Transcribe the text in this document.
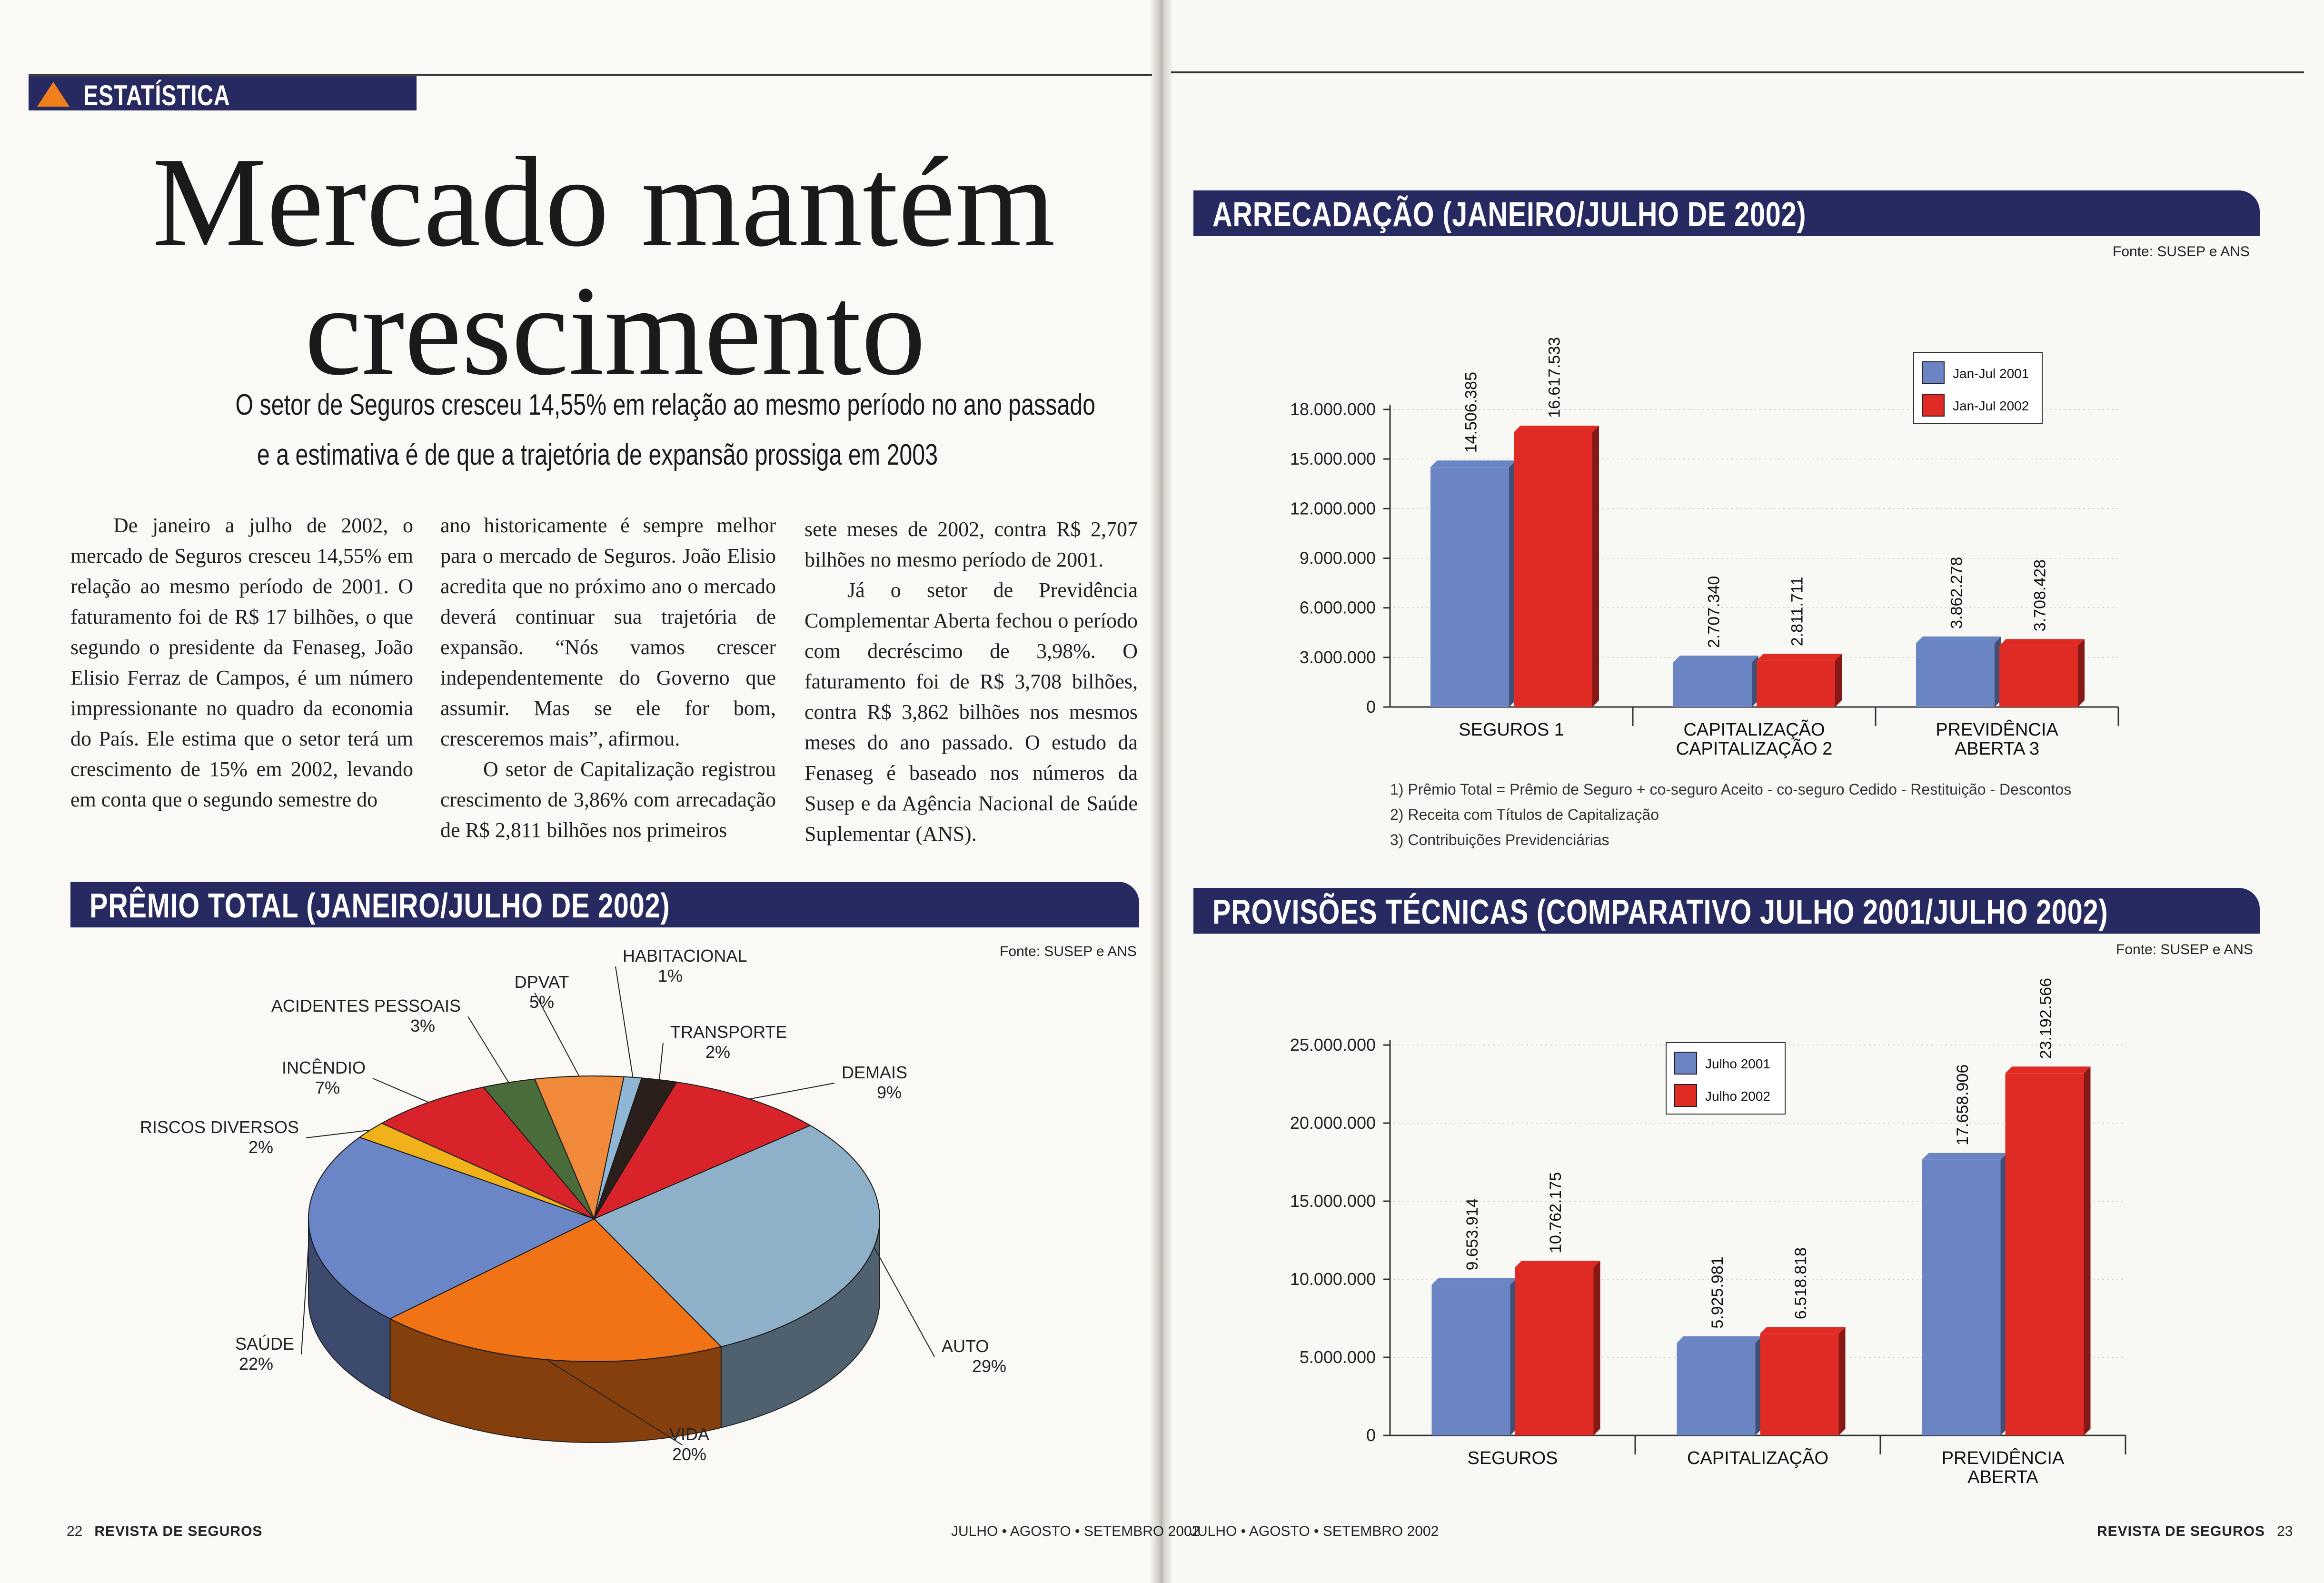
ESTATÍSTICA
Mercado mantém
crescimento
O setor de Seguros cresceu 14,55% em relação ao mesmo período no ano passado
e a estimativa é de que a trajetória de expansão prossiga em 2003

De janeiro a julho de 2002, o mercado de Seguros cresceu 14,55% em relação ao mesmo período de 2001. O faturamento foi de R$ 17 bilhões, o que segundo o presidente da Fenaseg, João Elisio Ferraz de Campos, é um número impressionante no quadro da economia do País. Ele estima que o setor terá um crescimento de 15% em 2002, levando em conta que o segundo semestre do

ano historicamente é sempre melhor para o mercado de Seguros. João Elisio acredita que no próximo ano o mercado deverá continuar sua trajetória de expansão. “Nós vamos crescer independentemente do Governo que assumir. Mas se ele for bom, cresceremos mais”, afirmou.

O setor de Capitalização registrou crescimento de 3,86% com arrecadação de R$ 2,811 bilhões nos primeiros

sete meses de 2002, contra R$ 2,707 bilhões no mesmo período de 2001.

Já o setor de Previdência Complementar Aberta fechou o período com decréscimo de 3,98%. O faturamento foi de R$ 3,708 bilhões, contra R$ 3,862 bilhões nos mesmos meses do ano passado. O estudo da Fenaseg é baseado nos números da Susep e da Agência Nacional de Saúde Suplementar (ANS).

PRÊMIO TOTAL (JANEIRO/JULHO DE 2002)
Fonte: SUSEP e ANS
HABITACIONAL
1%
TRANSPORTE
2%
DEMAIS
9%
AUTO
29%
VIDA
20%
SAÚDE
22%
RISCOS DIVERSOS
2%
INCÊNDIO
7%
ACIDENTES PESSOAIS
3%
DPVAT
5%
ARRECADAÇÃO (JANEIRO/JULHO DE 2002)
Fonte: SUSEP e ANS
0
3.000.000
6.000.000
9.000.000
12.000.000
15.000.000
18.000.000
SEGUROS 1
14.506.385	16.617.533
CAPITALIZAÇÃO
CAPITALIZAÇÃO 2
2.707.340	2.811.711
PREVIDÊNCIA
ABERTA 3
3.862.278	3.708.428
Jan-Jul 2001
Jan-Jul 2002
1) Prêmio Total = Prêmio de Seguro + co-seguro Aceito - co-seguro Cedido - Restituição - Descontos
2) Receita com Títulos de Capitalização
3) Contribuições Previdenciárias
PROVISÕES TÉCNICAS (COMPARATIVO JULHO 2001/JULHO 2002)
Fonte: SUSEP e ANS
0
5.000.000
10.000.000
15.000.000
20.000.000
25.000.000
SEGUROS
9.653.914	10.762.175
CAPITALIZAÇÃO
5.925.981	6.518.818
PREVIDÊNCIA
ABERTA
17.658.906
23.192.566
Julho 2001
Julho 2002
22 REVISTA DE SEGUROS	JULHO • AGOSTO • SETEMBRO 2002
JULHO • AGOSTO • SETEMBRO 2002	REVISTA DE SEGUROS 23
